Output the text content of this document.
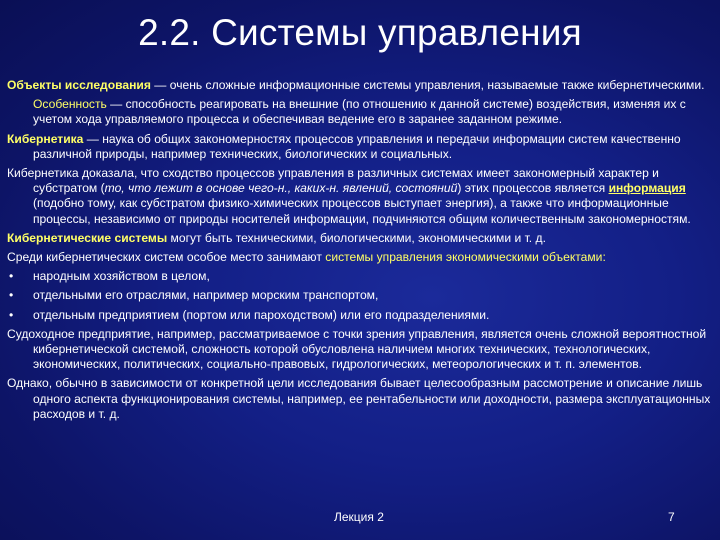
2.2. Системы управления

Объекты исследования — очень сложные информационные системы управления, называемые также кибернетическими.

Особенность — способность реагировать на внешние (по отношению к данной системе) воздействия, изменяя их с учетом хода управляемого процесса и обеспечивая ведение его в заранее заданном режиме.

Кибернетика — наука об общих закономерностях процессов управления и передачи информации систем качественно различной природы, например технических, биологических и социальных.

Кибернетика доказала, что сходство процессов управления в различных системах имеет закономерный характер и субстратом (то, что лежит в основе чего-н., каких-н. явлений, состояний) этих процессов является информация (подобно тому, как субстратом физико-химических процессов выступает энергия), а также что информационные процессы, независимо от природы носителей информации, подчиняются общим количественным закономерностям.

Кибернетические системы могут быть техническими, биологическими, экономическими и т. д.

Среди кибернетических систем особое место занимают системы управления экономическими объектами:

• народным хозяйством в целом,

• отдельными его отраслями, например морским транспортом,

• отдельным предприятием (портом или пароходством) или его подразделениями.

Судоходное предприятие, например, рассматриваемое с точки зрения управления, является очень сложной вероятностной кибернетической системой, сложность которой обусловлена наличием многих технических, технологических, экономических, политических, социально-правовых, гидрологических, метеорологических и т. п. элементов.

Однако, обычно в зависимости от конкретной цели исследования бывает целесообразным рассмотрение и описание лишь одного аспекта функционирования системы, например, ее рентабельности или доходности, размера эксплуатационных расходов и т. д.

Лекция 2	7
